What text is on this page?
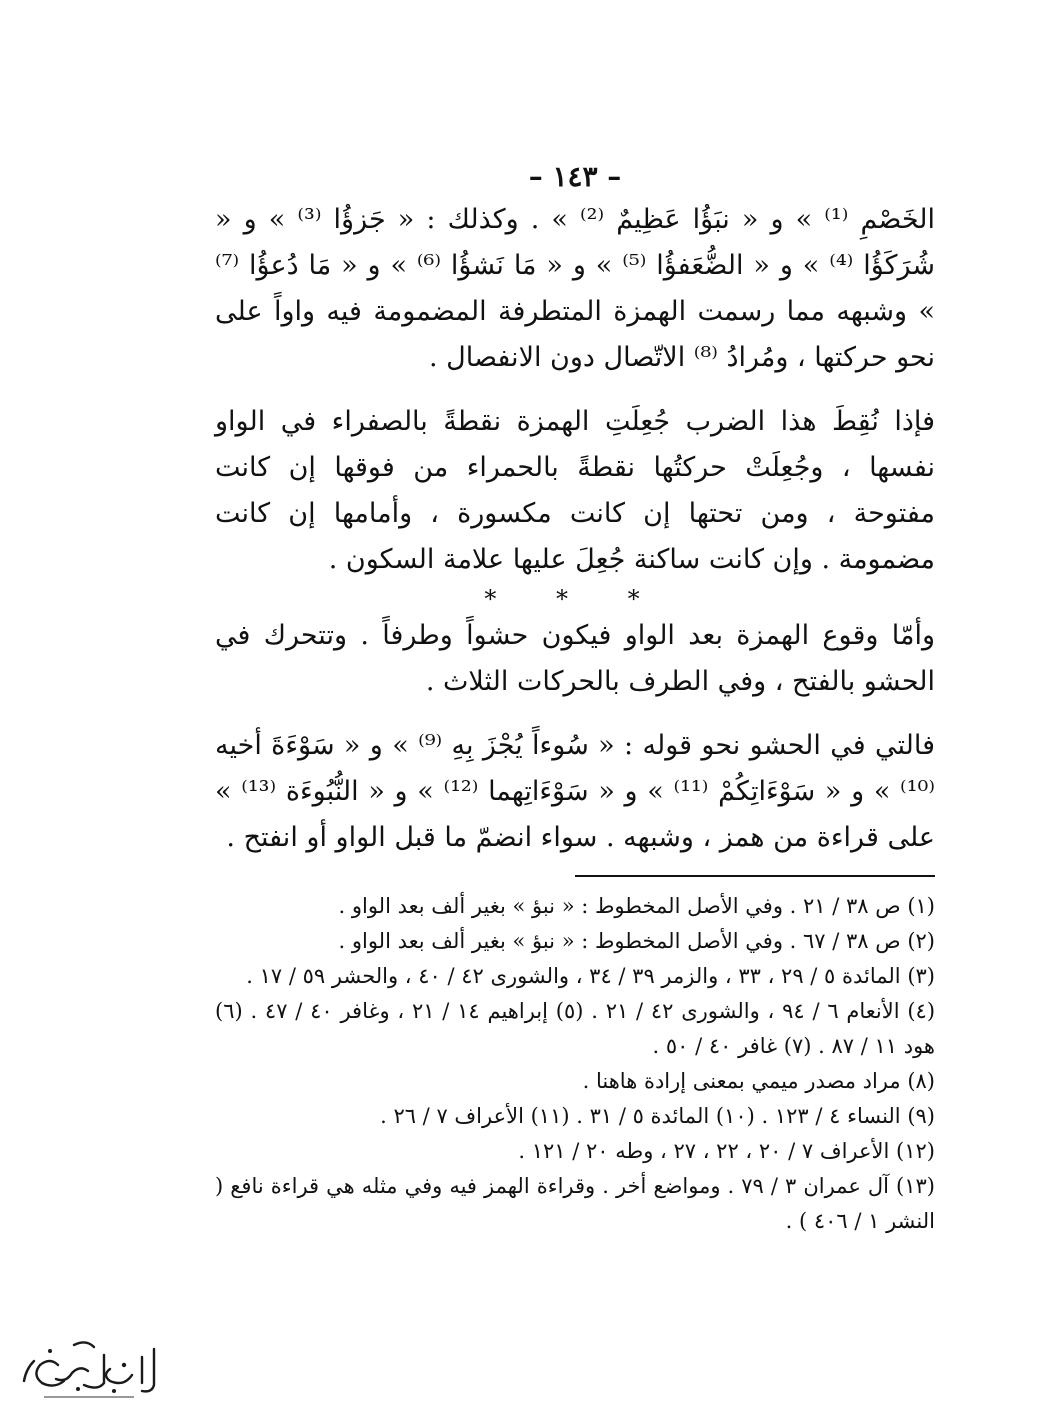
– ١٤٣ –

الخَصْمِ ⁽¹⁾ » و « نبَؤُا عَظِيمٌ ⁽²⁾ » . وكذلك : « جَزؤُا ⁽³⁾ » و « شُرَكَؤُا ⁽⁴⁾ » و « الضُّعَفؤُا ⁽⁵⁾ » و « مَا نَشؤُا ⁽⁶⁾ » و « مَا دُعؤُا ⁽⁷⁾ » وشبهه مما رسمت الهمزة المتطرفة المضمومة فيه واواً على نحو حركتها ، ومُرادُ ⁽⁸⁾ الاتّصال دون الانفصال .

فإذا نُقِطَ هذا الضرب جُعِلَتِ الهمزة نقطةً بالصفراء في الواو نفسها ، وجُعِلَتْ حركتُها نقطةً بالحمراء من فوقها إن كانت مفتوحة ، ومن تحتها إن كانت مكسورة ، وأمامها إن كانت مضمومة . وإن كانت ساكنة جُعِلَ عليها علامة السكون .

* * *

وأمّا وقوع الهمزة بعد الواو فيكون حشواً وطرفاً . وتتحرك في الحشو بالفتح ، وفي الطرف بالحركات الثلاث .

فالتي في الحشو نحو قوله : « سُوءاً يُجْزَ بِهِ ⁽⁹⁾ » و « سَوْءَةَ أخيه ⁽¹⁰⁾ » و « سَوْءَاتِكُمْ ⁽¹¹⁾ » و « سَوْءَاتِهما ⁽¹²⁾ » و « النُّبُوءَة ⁽¹³⁾ » على قراءة من همز ، وشبهه . سواء انضمّ ما قبل الواو أو انفتح .

(١) ص ٣٨ / ٢١ . وفي الأصل المخطوط : « نبؤ » بغير ألف بعد الواو .

(٢) ص ٣٨ / ٦٧ . وفي الأصل المخطوط : « نبؤ » بغير ألف بعد الواو .

(٣) المائدة ٥ / ٢٩ ، ٣٣ ، والزمر ٣٩ / ٣٤ ، والشورى ٤٢ / ٤٠ ، والحشر ٥٩ / ١٧ .

(٤) الأنعام ٦ / ٩٤ ، والشورى ٤٢ / ٢١ . (٥) إبراهيم ١٤ / ٢١ ، وغافر ٤٠ / ٤٧ . (٦) هود ١١ / ٨٧ . (٧) غافر ٤٠ / ٥٠ .

(٨) مراد مصدر ميمي بمعنى إرادة هاهنا .

(٩) النساء ٤ / ١٢٣ . (١٠) المائدة ٥ / ٣١ . (١١) الأعراف ٧ / ٢٦ .

(١٢) الأعراف ٧ / ٢٠ ، ٢٢ ، ٢٧ ، وطه ٢٠ / ١٢١ .

(١٣) آل عمران ٣ / ٧٩ . ومواضع أخر . وقراءة الهمز فيه وفي مثله هي قراءة نافع ( النشر ١ / ٤٠٦ ) .
